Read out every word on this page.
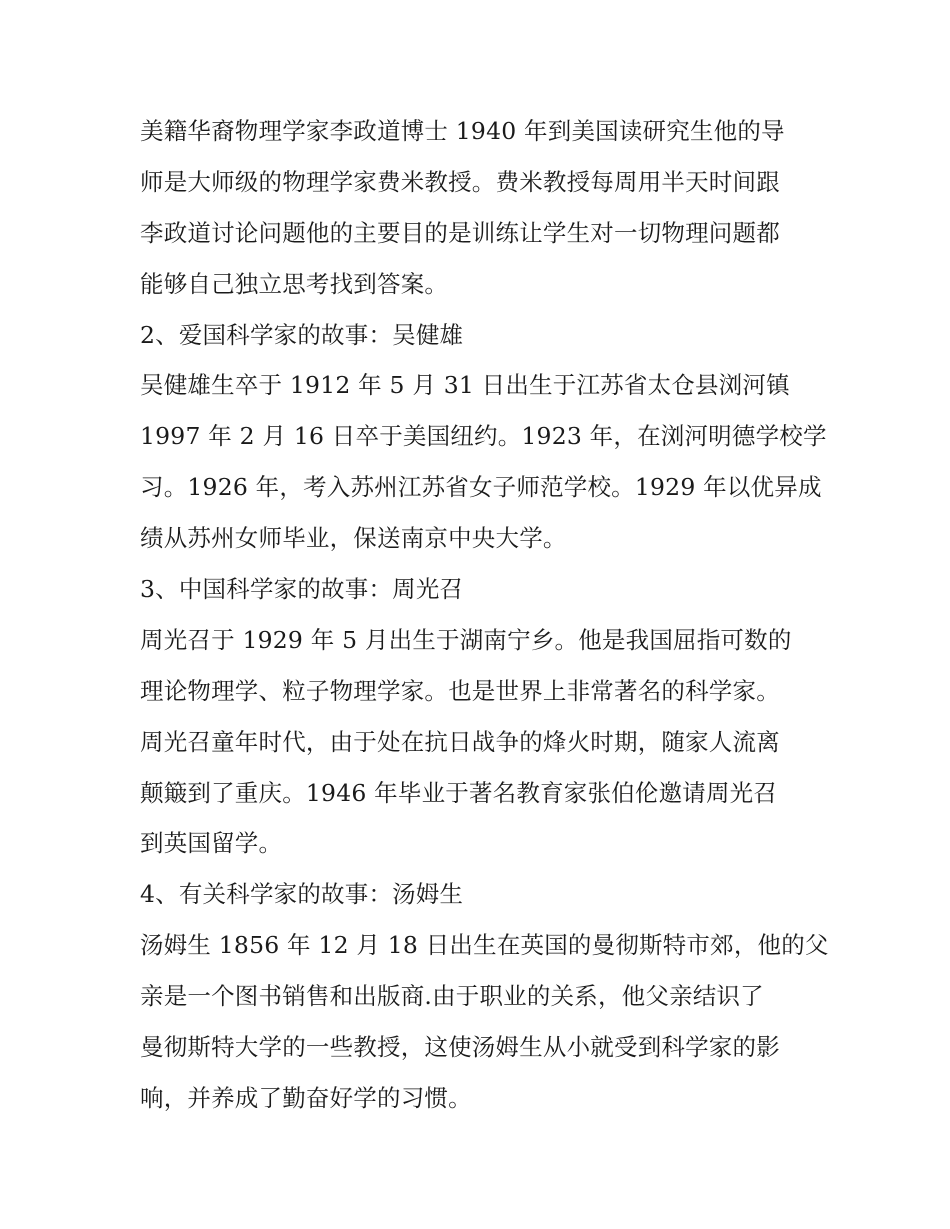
美籍华裔物理学家李政道博士 1940 年到美国读研究生他的导
师是大师级的物理学家费米教授。费米教授每周用半天时间跟
李政道讨论问题他的主要目的是训练让学生对一切物理问题都
能够自己独立思考找到答案。
2、爱国科学家的故事：吴健雄
吴健雄生卒于 1912 年 5 月 31 日出生于江苏省太仓县浏河镇
1997 年 2 月 16 日卒于美国纽约。1923 年，在浏河明德学校学
习。1926 年，考入苏州江苏省女子师范学校。1929 年以优异成
绩从苏州女师毕业，保送南京中央大学。
3、中国科学家的故事：周光召
周光召于 1929 年 5 月出生于湖南宁乡。他是我国屈指可数的
理论物理学、粒子物理学家。也是世界上非常著名的科学家。
周光召童年时代，由于处在抗日战争的烽火时期，随家人流离
颠簸到了重庆。1946 年毕业于著名教育家张伯伦邀请周光召
到英国留学。
4、有关科学家的故事：汤姆生
汤姆生 1856 年 12 月 18 日出生在英国的曼彻斯特市郊，他的父
亲是一个图书销售和出版商.由于职业的关系，他父亲结识了
曼彻斯特大学的一些教授，这使汤姆生从小就受到科学家的影
响，并养成了勤奋好学的习惯。
